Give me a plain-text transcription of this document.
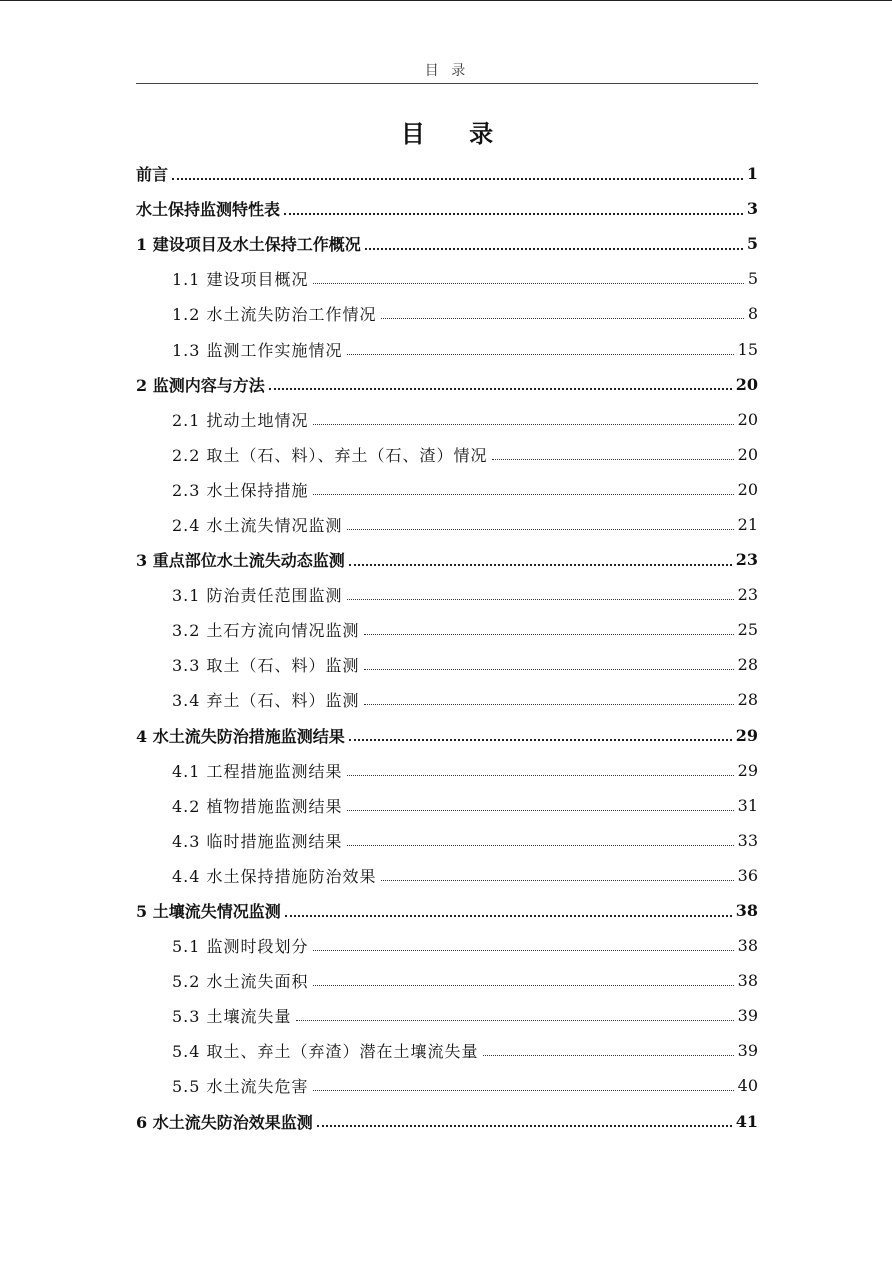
目 录
目 录
前言	1
水土保持监测特性表	3
1 建设项目及水土保持工作概况	5
1.1 建设项目概况	5
1.2 水土流失防治工作情况	8
1.3 监测工作实施情况	15
2 监测内容与方法	20
2.1 扰动土地情况	20
2.2 取土（石、料）、弃土（石、渣）情况	20
2.3 水土保持措施	20
2.4 水土流失情况监测	21
3 重点部位水土流失动态监测	23
3.1 防治责任范围监测	23
3.2 土石方流向情况监测	25
3.3 取土（石、料）监测	28
3.4 弃土（石、料）监测	28
4 水土流失防治措施监测结果	29
4.1 工程措施监测结果	29
4.2 植物措施监测结果	31
4.3 临时措施监测结果	33
4.4 水土保持措施防治效果	36
5 土壤流失情况监测	38
5.1 监测时段划分	38
5.2 水土流失面积	38
5.3 土壤流失量	39
5.4 取土、弃土（弃渣）潜在土壤流失量	39
5.5 水土流失危害	40
6 水土流失防治效果监测	41
